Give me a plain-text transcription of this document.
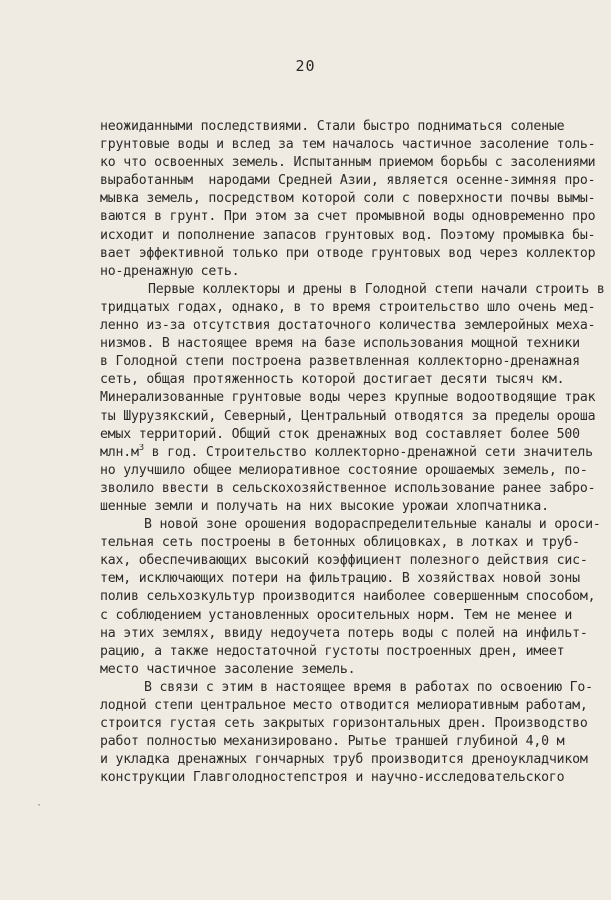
20
неожиданными последствиями. Стали быстро подниматься соленые
грунтовые воды и вслед за тем началось частичное засоление толь-
ко что освоенных земель. Испытанным приемом борьбы с засолениями
выработанным  народами Средней Азии, является осенне-зимняя про-
мывка земель, посредством которой соли с поверхности почвы вымы-
ваются в грунт. При этом за счет промывной воды одновременно про
исходит и пополнение запасов грунтовых вод. Поэтому промывка бы-
вает эффективной только при отводе грунтовых вод через коллектор
но-дренажную сеть.
Первые коллекторы и дрены в Голодной степи начали строить в
тридцатых годах, однако, в то время строительство шло очень мед-
ленно из-за отсутствия достаточного количества землеройных меха-
низмов. В настоящее время на базе использования мощной техники
в Голодной степи построена разветвленная коллекторно-дренажная
сеть, общая протяженность которой достигает десяти тысяч км.
Минерализованные грунтовые воды через крупные водоотводящие трак
ты Шурузякский, Северный, Центральный отводятся за пределы ороша
емых территорий. Общий сток дренажных вод составляет более 500
$млн.м^3$ в год. Строительство коллекторно-дренажной сети значитель
но улучшило общее мелиоративное состояние орошаемых земель, по-
зволило ввести в сельскохозяйственное использование ранее забро-
шенные земли и получать на них высокие урожаи хлопчатника.
В новой зоне орошения водораспределительные каналы и ороси-
тельная сеть построены в бетонных облицовках, в лотках и труб-
ках, обеспечивающих высокий коэффициент полезного действия сис-
тем, исключающих потери на фильтрацию. В хозяйствах новой зоны
полив сельхозкультур производится наиболее совершенным способом,
с соблюдением установленных оросительных норм. Тем не менее и
на этих землях, ввиду недоучета потерь воды с полей на инфильт-
рацию, а также недостаточной густоты построенных дрен, имеет
место частичное засоление земель.
В связи с этим в настоящее время в работах по освоению Го-
лодной степи центральное место отводится мелиоративным работам,
строится густая сеть закрытых горизонтальных дрен. Производство
работ полностью механизировано. Рытье траншей глубиной 4,0 м
и укладка дренажных гончарных труб производится дреноукладчиком
конструкции Главголодностепстроя и научно-исследовательского
·
